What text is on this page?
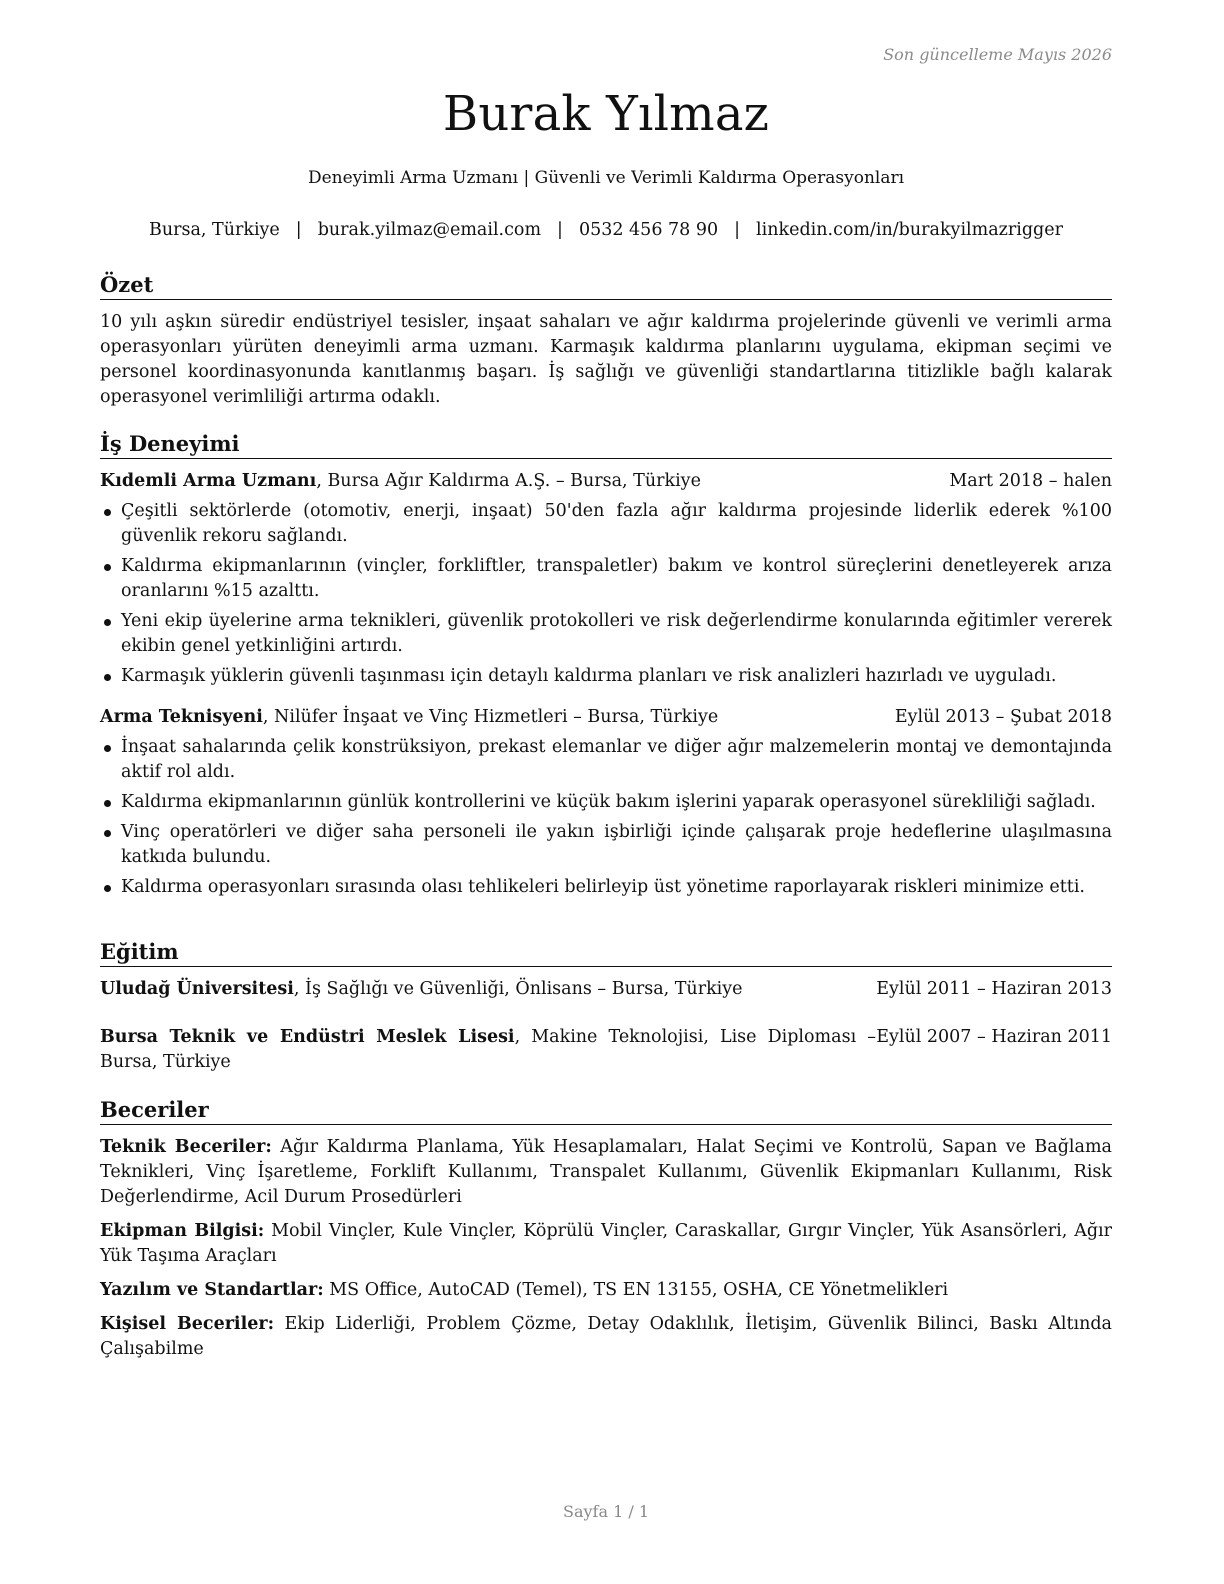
Son güncelleme Mayıs 2026
Burak Yılmaz
Deneyimli Arma Uzmanı | Güvenli ve Verimli Kaldırma Operasyonları
Bursa, Türkiye | burak.yilmaz@email.com | 0532 456 78 90 | linkedin.com/in/burakyilmazrigger
Özet

10 yılı aşkın süredir endüstriyel tesisler, inşaat sahaları ve ağır kaldırma projelerinde güvenli ve verimli arma operasyonları yürüten deneyimli arma uzmanı. Karmaşık kaldırma planlarını uygulama, ekipman seçimi ve personel koordinasyonunda kanıtlanmış başarı. İş sağlığı ve güvenliği standartlarına titizlikle bağlı kalarak operasyonel verimliliği artırma odaklı.

İş Deneyimi
Kıdemli Arma Uzmanı, Bursa Ağır Kaldırma A.Ş. – Bursa, Türkiye	Mart 2018 – halen
Çeşitli sektörlerde (otomotiv, enerji, inşaat) 50'den fazla ağır kaldırma projesinde liderlik ederek %100 güvenlik rekoru sağlandı.
Kaldırma ekipmanlarının (vinçler, forkliftler, transpaletler) bakım ve kontrol süreçlerini denetleyerek arıza oranlarını %15 azalttı.
Yeni ekip üyelerine arma teknikleri, güvenlik protokolleri ve risk değerlendirme konularında eğitimler vererek ekibin genel yetkinliğini artırdı.
Karmaşık yüklerin güvenli taşınması için detaylı kaldırma planları ve risk analizleri hazırladı ve uyguladı.
Arma Teknisyeni, Nilüfer İnşaat ve Vinç Hizmetleri – Bursa, Türkiye	Eylül 2013 – Şubat 2018
İnşaat sahalarında çelik konstrüksiyon, prekast elemanlar ve diğer ağır malzemelerin montaj ve demontajında aktif rol aldı.
Kaldırma ekipmanlarının günlük kontrollerini ve küçük bakım işlerini yaparak operasyonel sürekliliği sağladı.
Vinç operatörleri ve diğer saha personeli ile yakın işbirliği içinde çalışarak proje hedeflerine ulaşılmasına katkıda bulundu.
Kaldırma operasyonları sırasında olası tehlikeleri belirleyip üst yönetime raporlayarak riskleri minimize etti.
Eğitim
Uludağ Üniversitesi, İş Sağlığı ve Güvenliği, Önlisans – Bursa, Türkiye	Eylül 2011 – Haziran 2013
Bursa Teknik ve Endüstri Meslek Lisesi, Makine Teknolojisi, Lise Diploması – Bursa, Türkiye
Eylül 2007 – Haziran 2011
Beceriler

Teknik Beceriler: Ağır Kaldırma Planlama, Yük Hesaplamaları, Halat Seçimi ve Kontrolü, Sapan ve Bağlama Teknikleri, Vinç İşaretleme, Forklift Kullanımı, Transpalet Kullanımı, Güvenlik Ekipmanları Kullanımı, Risk Değerlendirme, Acil Durum Prosedürleri

Ekipman Bilgisi: Mobil Vinçler, Kule Vinçler, Köprülü Vinçler, Caraskallar, Gırgır Vinçler, Yük Asansörleri, Ağır Yük Taşıma Araçları

Yazılım ve Standartlar: MS Office, AutoCAD (Temel), TS EN 13155, OSHA, CE Yönetmelikleri

Kişisel Beceriler: Ekip Liderliği, Problem Çözme, Detay Odaklılık, İletişim, Güvenlik Bilinci, Baskı Altında Çalışabilme

Sayfa 1 / 1
